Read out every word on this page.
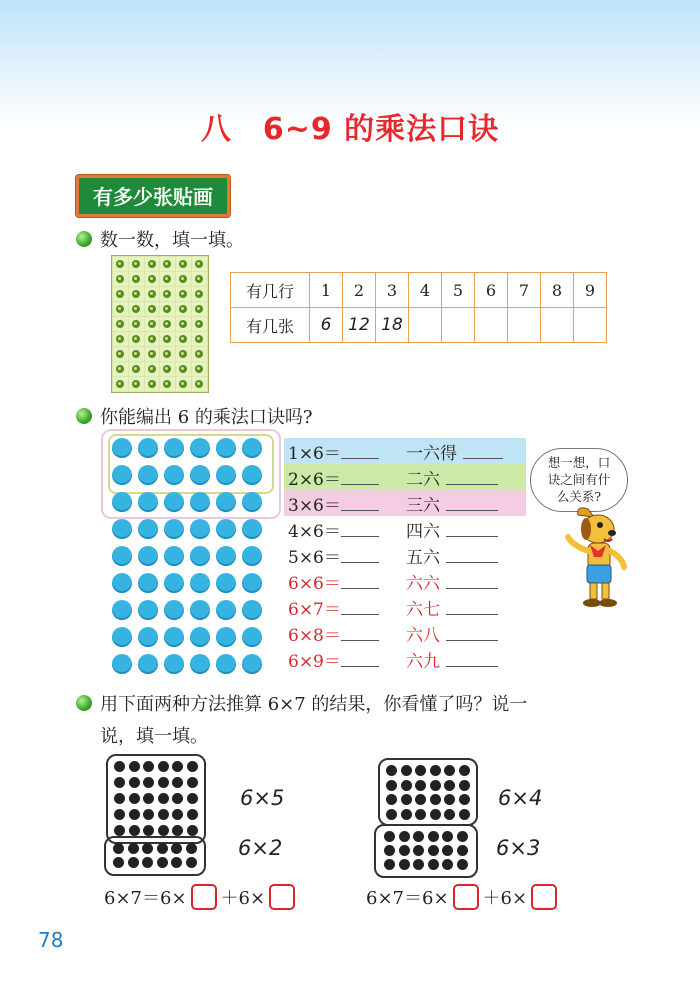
八　6~9 的乘法口诀
有多少张贴画
数一数，填一填。
有几行	1	2	3	4	5	6	7	8	9
有几张	6	12	18						
你能编出 6 的乘法口诀吗?
1×6＝	一六得
2×6＝	二六
3×6＝	三六
4×6＝	四六
5×6＝	五六
6×6＝	六六
6×7＝	六七
6×8＝	六八
6×9＝	六九
想一想，口
诀之间有什
么关系?
用下面两种方法推算 6×7 的结果，你看懂了吗？说一
说，填一填。
6×5
6×2
6×7＝6× ＋6×
6×4
6×3
6×7＝6× ＋6×
78
